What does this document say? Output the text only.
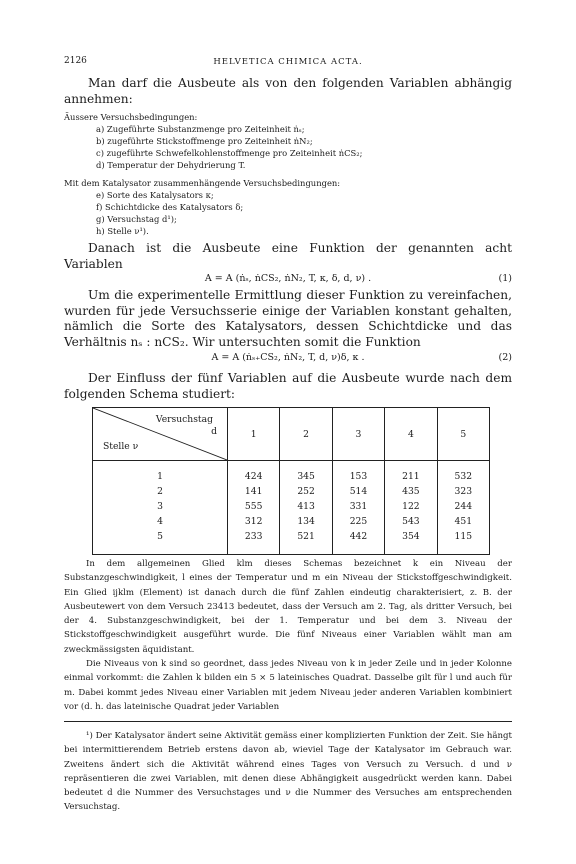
2126	HELVETICA CHIMICA ACTA.
Man darf die Ausbeute als von den folgenden Variablen abhängig annehmen:
Äussere Versuchsbedingungen:
a) Zugeführte Substanzmenge pro Zeiteinheit ṅₛ;
b) zugeführte Stickstoffmenge pro Zeiteinheit ṅN₂;
c) zugeführte Schwefelkohlenstoffmenge pro Zeiteinheit ṅCS₂;
d) Temperatur der Dehydrierung T.
Mit dem Katalysator zusammenhängende Versuchsbedingungen:
e) Sorte des Katalysators κ;
f) Schichtdicke des Katalysators δ;
g) Versuchstag d¹);
h) Stelle ν¹).
Danach ist die Ausbeute eine Funktion der genannten acht Variablen
A = A (ṅₛ, ṅCS₂, ṅN₂, T, κ, δ, d, ν) .	(1)
Um die experimentelle Ermittlung dieser Funktion zu vereinfachen, wurden für jede Versuchsserie einige der Variablen konstant gehalten, nämlich die Sorte des Katalysators, dessen Schichtdicke und das Verhältnis nₛ : nCS₂. Wir untersuchten somit die Funktion
A = A (ṅₛ₊CS₂, ṅN₂, T, d, ν)δ, κ .	(2)
Der Einfluss der fünf Variablen auf die Ausbeute wurde nach dem folgenden Schema studiert:
Versuchstag
d
Stelle ν	1	2	3	4	5
1	424	345	153	211	532
2	141	252	514	435	323
3	555	413	331	122	244
4	312	134	225	543	451
5	233	521	442	354	115
In dem allgemeinen Glied klm dieses Schemas bezeichnet k ein Niveau der Substanzgeschwindigkeit, l eines der Temperatur und m ein Niveau der Stickstoffgeschwindigkeit. Ein Glied ijklm (Element) ist danach durch die fünf Zahlen eindeutig charakterisiert, z. B. der Ausbeutewert von dem Versuch 23413 bedeutet, dass der Versuch am 2. Tag, als dritter Versuch, bei der 4. Substanzgeschwindigkeit, bei der 1. Temperatur und bei dem 3. Niveau der Stickstoffgeschwindigkeit ausgeführt wurde. Die fünf Niveaus einer Variablen wählt man am zweckmässigsten äquidistant.
Die Niveaus von k sind so geordnet, dass jedes Niveau von k in jeder Zeile und in jeder Kolonne einmal vorkommt: die Zahlen k bilden ein 5 × 5 lateinisches Quadrat. Dasselbe gilt für l und auch für m. Dabei kommt jedes Niveau einer Variablen mit jedem Niveau jeder anderen Variablen kombiniert vor (d. h. das lateinische Quadrat jeder Variablen
¹) Der Katalysator ändert seine Aktivität gemäss einer komplizierten Funktion der Zeit. Sie hängt bei intermittierendem Betrieb erstens davon ab, wieviel Tage der Katalysator im Gebrauch war. Zweitens ändert sich die Aktivität während eines Tages von Versuch zu Versuch. d und ν repräsentieren die zwei Variablen, mit denen diese Abhängigkeit ausgedrückt werden kann. Dabei bedeutet d die Nummer des Versuchstages und ν die Nummer des Versuches am entsprechenden Versuchstag.
